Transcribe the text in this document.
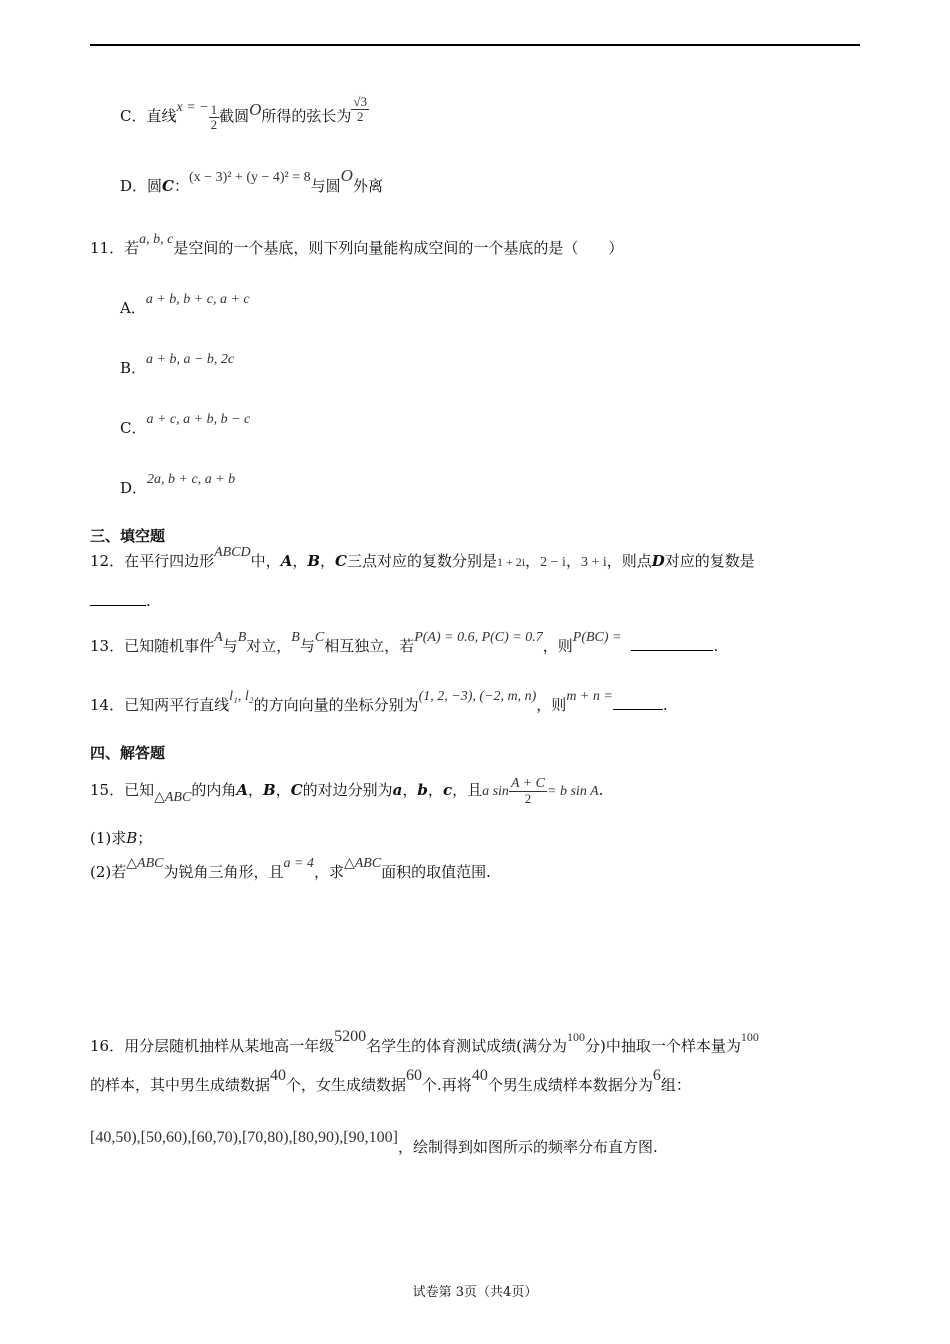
C．直线x = − $\frac{1}{2}$ 截圆O所得的弦长为 $\frac{√3}{2}$
D．圆C：(x − 3)² + (y − 4)² = 8与圆O外离
11．若a, b, c是空间的一个基底，则下列向量能构成空间的一个基底的是（　　）
A．a + b, b + c, a + c
B．a + b, a − b, 2c
C．a + c, a + b, b − c
D．2a, b + c, a + b
三、填空题
12．在平行四边形ABCD中，A，B，C三点对应的复数分别是1 + 2i，2 − i，3 + i，则点D对应的复数是
.
13．已知随机事件A与B对立，B与C相互独立，若P(A) = 0.6, P(C) = 0.7，则P(BC) =	.
14．已知两平行直线l₁, l₂的方向向量的坐标分别为(1, 2, −3), (−2, m, n)，则m + n =	.
四、解答题
15．已知△ABC的内角A，B，C的对边分别为a，b，c，且a $\sin \frac{A + C}{2} = b$ sin A.
(1)求B；
(2)若△ABC为锐角三角形，且a = 4，求△ABC面积的取值范围.
16．用分层随机抽样从某地高一年级5200名学生的体育测试成绩(满分为$^{100}$分)中抽取一个样本量为$^{100}$
的样本，其中男生成绩数据40个，女生成绩数据60个.再将40个男生成绩样本数据分为6组：
[40,50),[50,60),[60,70),[70,80),[80,90),[90,100]，绘制得到如图所示的频率分布直方图.
试卷第 3页（共4页）
